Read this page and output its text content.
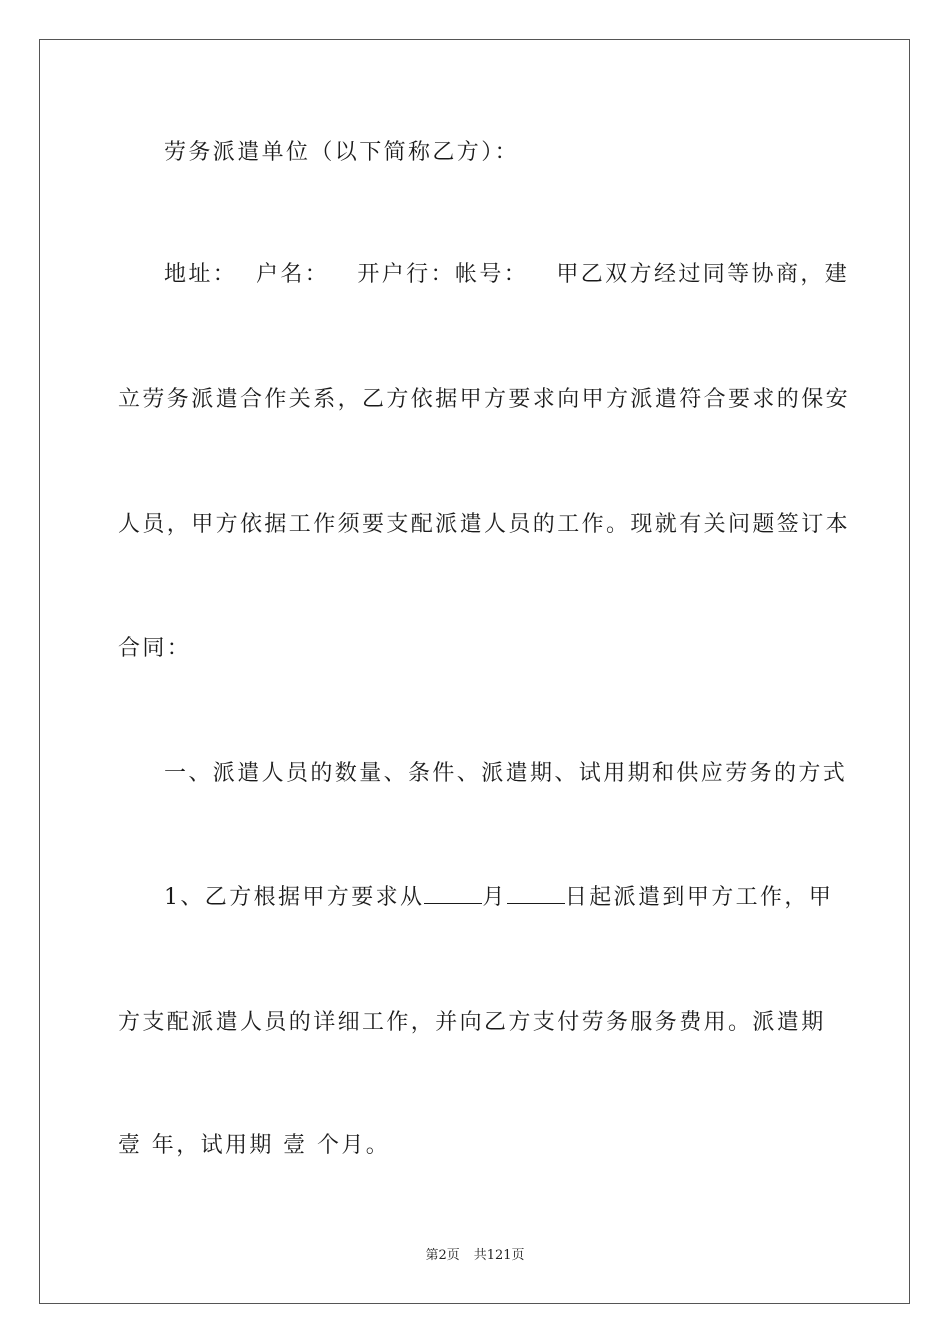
劳务派遣单位（以下简称乙方）：
地址：  户名：   开户行：帐号：   甲乙双方经过同等协商，建
立劳务派遣合作关系，乙方依据甲方要求向甲方派遣符合要求的保安
人员，甲方依据工作须要支配派遣人员的工作。现就有关问题签订本
合同：
一、派遣人员的数量、条件、派遣期、试用期和供应劳务的方式
1、乙方根据甲方要求从	月	日起派遣到甲方工作，甲
方支配派遣人员的详细工作，并向乙方支付劳务服务费用。派遣期
壹 年，试用期 壹 个月。
第2页 共121页
